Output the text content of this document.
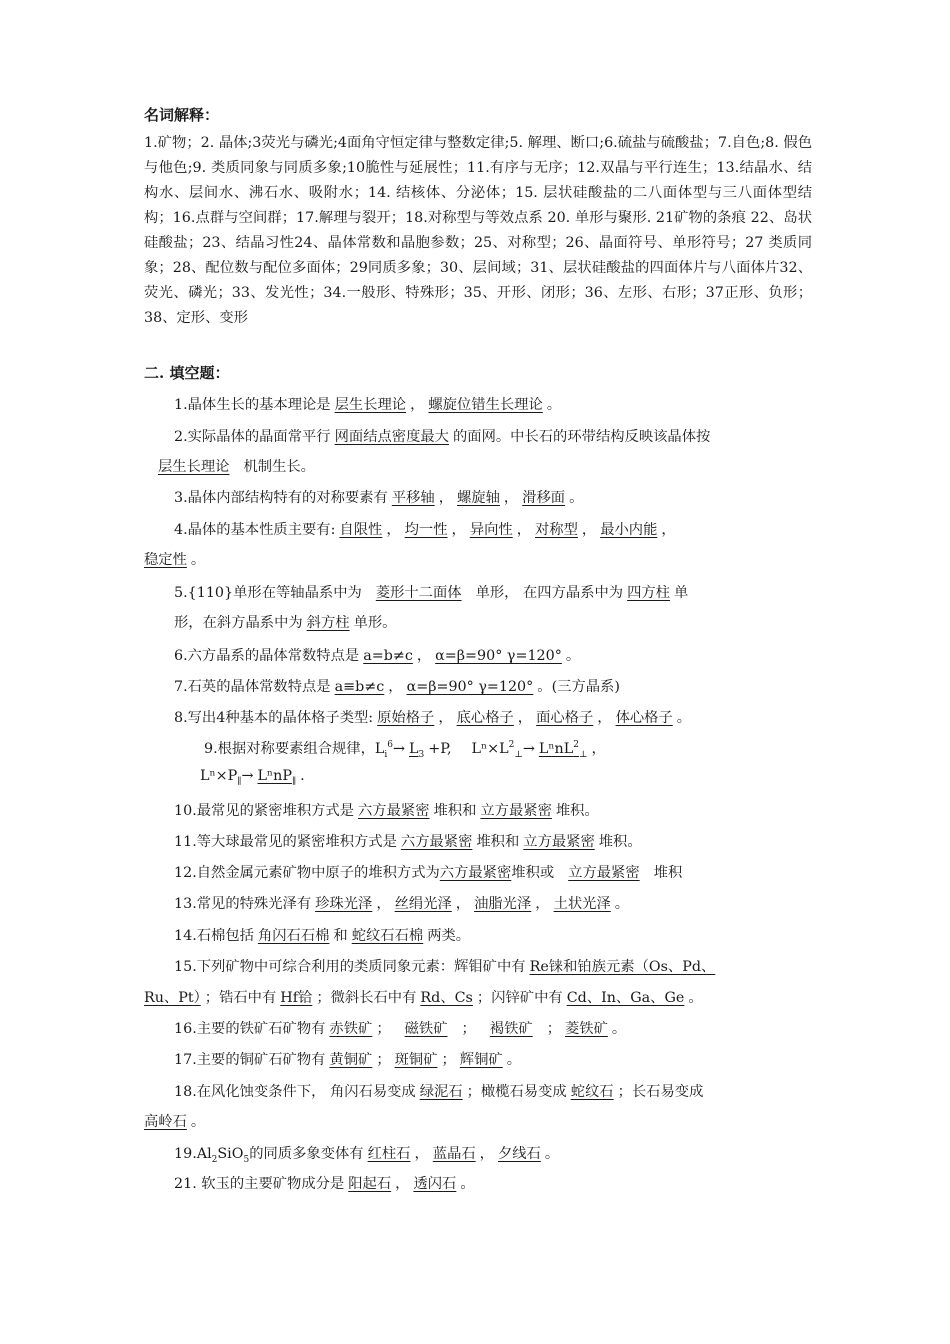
名词解释：

1.矿物；2. 晶体;3荧光与磷光;4面角守恒定律与整数定律;5. 解理、断口;6.硫盐与硫酸盐；7.自色;8. 假色与他色;9. 类质同象与同质多象;10脆性与延展性；11.有序与无序；12.双晶与平行连生；13.结晶水、结构水、层间水、沸石水、吸附水；14. 结核体、分泌体；15. 层状硅酸盐的二八面体型与三八面体型结构；16.点群与空间群；17.解理与裂开；18.对称型与等效点系 20. 单形与聚形. 21矿物的条痕 22、岛状硅酸盐；23、结晶习性24、晶体常数和晶胞参数；25、对称型；26、晶面符号、单形符号；27 类质同象；28、配位数与配位多面体；29同质多象；30、层间域；31、层状硅酸盐的四面体片与八面体片32、荧光、磷光；33、发光性；34.一般形、特殊形；35、开形、闭形；36、左形、右形；37正形、负形；38、定形、变形

二. 填空题：
1.晶体生长的基本理论是 层生长理论 ， 螺旋位错生长理论 。
2.实际晶体的晶面常平行 网面结点密度最大 的面网。中长石的环带结构反映该晶体按
层生长理论 机制生长。
3.晶体内部结构特有的对称要素有 平移轴 ， 螺旋轴 ， 滑移面 。
4.晶体的基本性质主要有: 自限性 ， 均一性 ， 异向性 ， 对称型 ， 最小内能 ，
稳定性 。
5.{110}单形在等轴晶系中为 菱形十二面体 单形， 在四方晶系中为 四方柱 单
形，在斜方晶系中为 斜方柱 单形。
6.六方晶系的晶体常数特点是 a=b≠c ， α=β=90° γ=120° 。
7.石英的晶体常数特点是 a≡b≠c ， α=β=90° γ=120° 。(三方晶系)
8.写出4种基本的晶体格子类型: 原始格子 ， 底心格子 ， 面心格子 ， 体心格子 。
9.根据对称要素组合规律，$L_i^6\to L_3 +P$, $L^n\times L^2_\perp\to L^nnL^2_\perp$ ，
$L^n\times P_\parallel\to L^nnP_\parallel$ .
10.最常见的紧密堆积方式是 六方最紧密 堆积和 立方最紧密 堆积。
11.等大球最常见的紧密堆积方式是 六方最紧密 堆积和 立方最紧密 堆积。
12.自然金属元素矿物中原子的堆积方式为六方最紧密堆积或 立方最紧密 堆积
13.常见的特殊光泽有 珍珠光泽 ， 丝绢光泽 ， 油脂光泽 ， 土状光泽 。
14.石棉包括 角闪石石棉 和 蛇纹石石棉 两类。
15.下列矿物中可综合利用的类质同象元素：辉钼矿中有 Re铼和铂族元素（Os、Pd、
Ru、Pt） ；锆石中有 Hf铪 ；微斜长石中有 Rd、Cs ；闪锌矿中有 Cd、In、Ga、Ge 。
16.主要的铁矿石矿物有 赤铁矿 ； 磁铁矿 ； 褐铁矿 ； 菱铁矿 。
17.主要的铜矿石矿物有 黄铜矿 ； 斑铜矿 ； 辉铜矿 。
18.在风化蚀变条件下， 角闪石易变成 绿泥石 ；橄榄石易变成 蛇纹石 ；长石易变成
高岭石 。
$19.Al_2SiO_5$的同质多象变体有 红柱石 ， 蓝晶石 ， 夕线石 。
21. 软玉的主要矿物成分是 阳起石 ， 透闪石 。
